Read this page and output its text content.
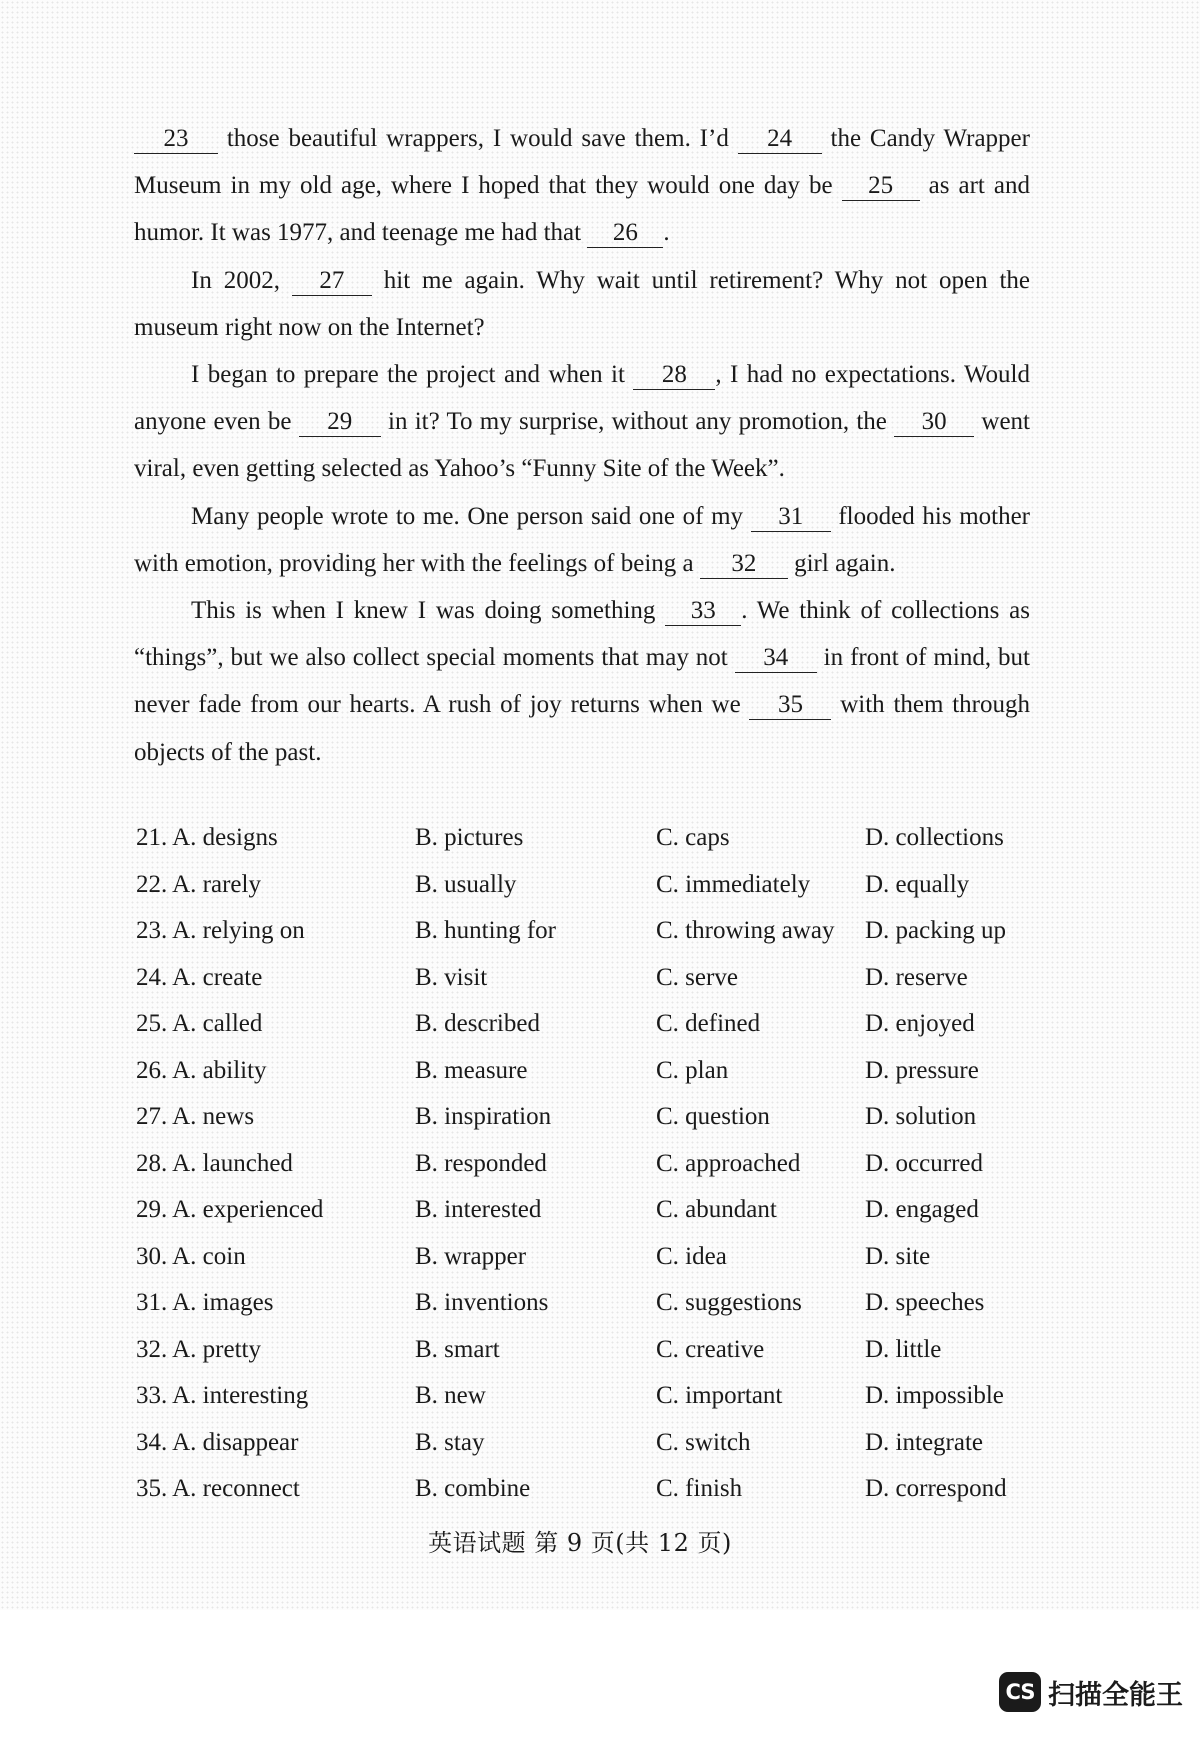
23 those beautiful wrappers, I would save them. I’d 24 the Candy Wrapper Museum in my old age, where I hoped that they would one day be 25 as art and humor. It was 1977, and teenage me had that 26 .

In 2002, 27 hit me again. Why wait until retirement? Why not open the museum right now on the Internet?

I began to prepare the project and when it 28 , I had no expectations. Would anyone even be 29 in it? To my surprise, without any promotion, the 30 went viral, even getting selected as Yahoo’s “Funny Site of the Week”.

Many people wrote to me. One person said one of my 31 flooded his mother with emotion, providing her with the feelings of being a 32 girl again.

This is when I knew I was doing something 33 . We think of collections as “things”, but we also collect special moments that may not 34 in front of mind, but never fade from our hearts. A rush of joy returns when we 35 with them through objects of the past.

21. A. designs	B. pictures	C. caps	D. collections
22. A. rarely	B. usually	C. immediately D. equally
23. A. relying on	B. hunting for	C. throwing away D. packing up
24. A. create	B. visit	C. serve	D. reserve
25. A. called	B. described	C. defined	D. enjoyed
26. A. ability	B. measure	C. plan	D. pressure
27. A. news	B. inspiration	C. question	D. solution
28. A. launched	B. responded	C. approached	D. occurred
29. A. experienced	B. interested	C. abundant	D. engaged
30. A. coin	B. wrapper	C. idea	D. site
31. A. images	B. inventions	C. suggestions	D. speeches
32. A. pretty	B. smart	C. creative	D. little
33. A. interesting	B. new	C. important	D. impossible
34. A. disappear	B. stay	C. switch	D. integrate
35. A. reconnect	B. combine	C. finish	D. correspond
英语试题 第 9 页(共 12 页)
CS 扫描全能王
